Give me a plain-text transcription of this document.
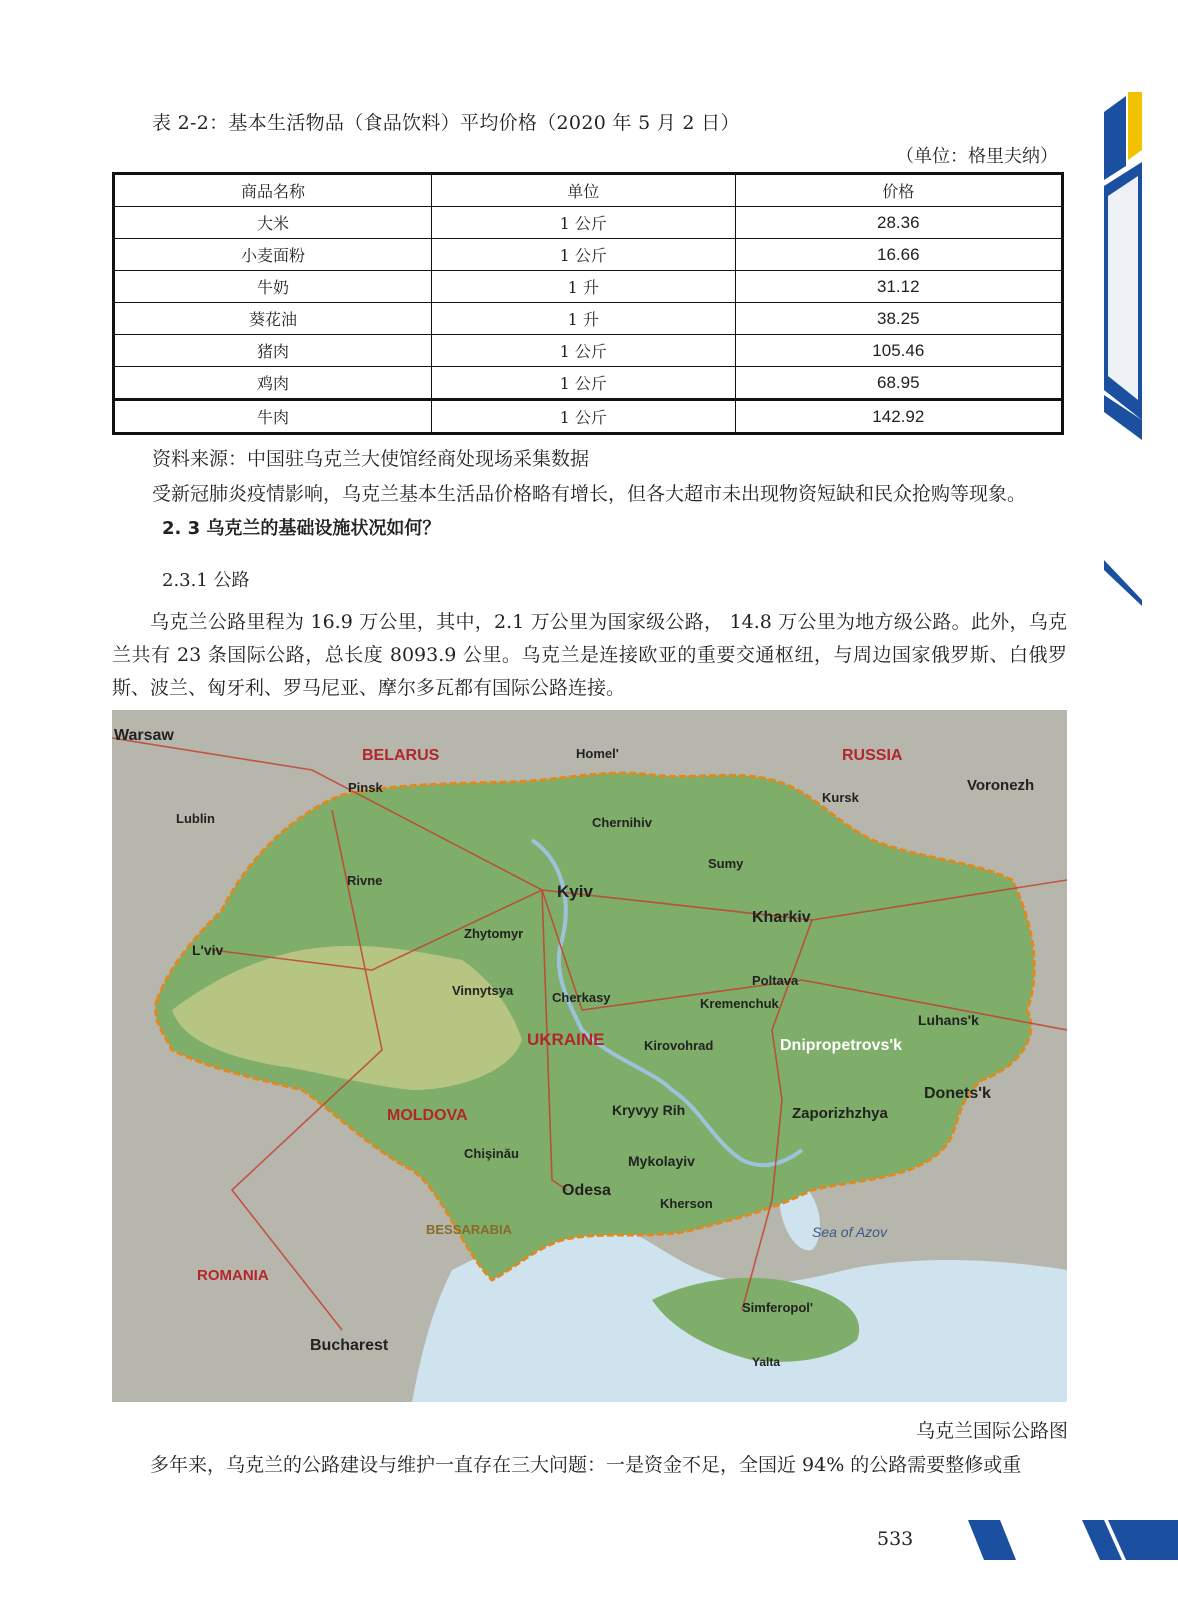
表 2-2：基本生活物品（食品饮料）平均价格（2020 年 5 月 2 日）
（单位：格里夫纳）
商品名称	单位	价格
大米	1 公斤	28.36
小麦面粉	1 公斤	16.66
牛奶	1 升	31.12
葵花油	1 升	38.25
猪肉	1 公斤	105.46
鸡肉	1 公斤	68.95
牛肉	1 公斤	142.92
资料来源：中国驻乌克兰大使馆经商处现场采集数据
受新冠肺炎疫情影响，乌克兰基本生活品价格略有增长，但各大超市未出现物资短缺和民众抢购等现象。
2. 3 乌克兰的基础设施状况如何？
2.3.1 公路
乌克兰公路里程为 16.9 万公里，其中，2.1 万公里为国家级公路， 14.8 万公里为地方级公路。此外，乌克兰共有 23 条国际公路，总长度 8093.9 公里。乌克兰是连接欧亚的重要交通枢纽，与周边国家俄罗斯、白俄罗斯、波兰、匈牙利、罗马尼亚、摩尔多瓦都有国际公路连接。
UKRAINE
Kyiv
Kharkiv
Odesa
Dnipropetrovs'k
Donets'k
Zaporizhzhya
L'viv
BELARUS	RUSSIA
MOLDOVA
ROMANIA
Warsaw
Bucharest
Sea of Azov
Simferopol'
Mykolayiv
Kherson
Poltava
Vinnytsya
Zhytomyr
Rivne
Chernihiv
Sumy
Cherkasy
Kirovohrad
Kryvyy Rih
Luhans'k
Chişinău
Kursk
Pinsk
Homel'
Lublin
Voronezh
BESSARABIA
Yalta
Kremenchuk
乌克兰国际公路图
多年来，乌克兰的公路建设与维护一直存在三大问题：一是资金不足，全国近 94% 的公路需要整修或重
533
